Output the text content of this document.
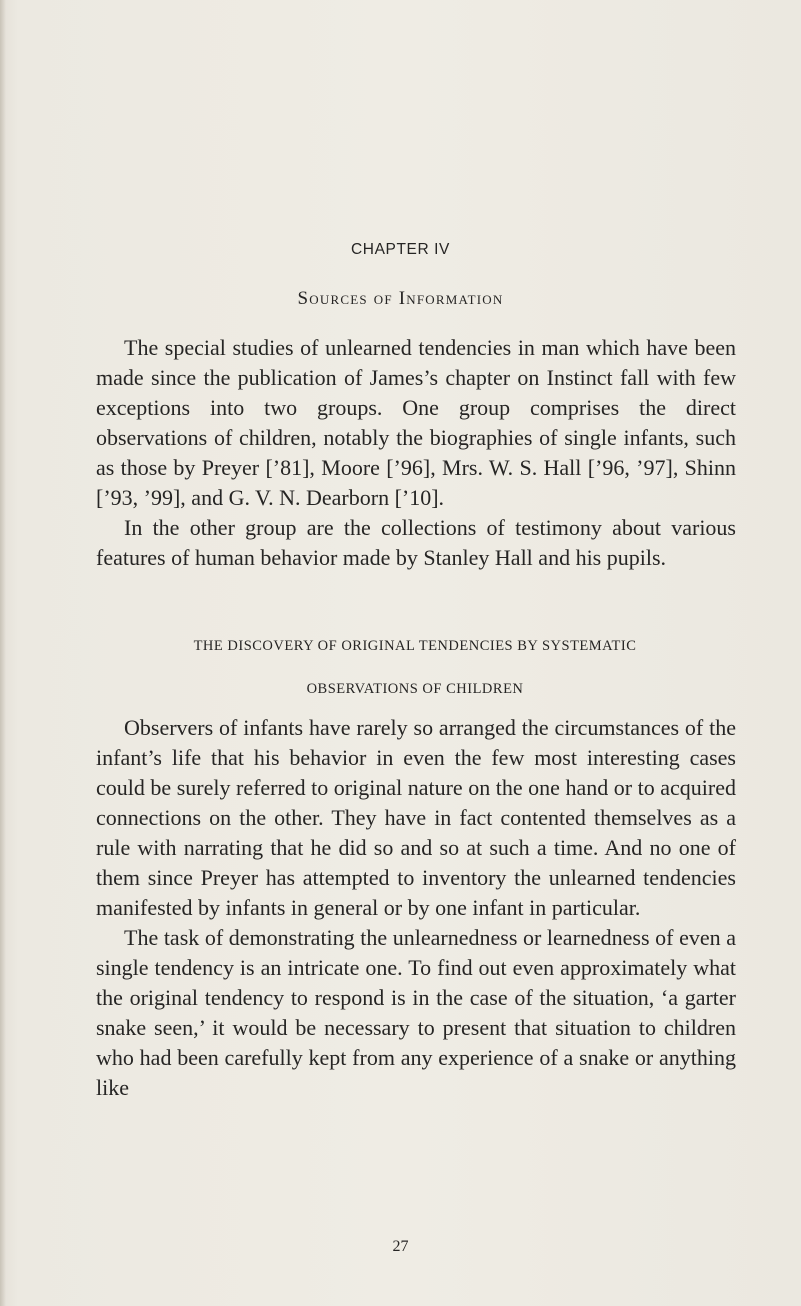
CHAPTER IV
Sources of Information

The special studies of unlearned tendencies in man which have been made since the publication of James’s chapter on Instinct fall with few exceptions into two groups. One group comprises the direct observations of children, notably the biographies of single infants, such as those by Preyer [’81], Moore [’96], Mrs. W. S. Hall [’96, ’97], Shinn [’93, ’99], and G. V. N. Dearborn [’10].

In the other group are the collections of testimony about various features of human behavior made by Stanley Hall and his pupils.

THE DISCOVERY OF ORIGINAL TENDENCIES BY SYSTEMATIC
OBSERVATIONS OF CHILDREN

Observers of infants have rarely so arranged the circumstances of the infant’s life that his behavior in even the few most interesting cases could be surely referred to original nature on the one hand or to acquired connections on the other. They have in fact contented themselves as a rule with narrating that he did so and so at such a time. And no one of them since Preyer has attempted to inventory the unlearned tendencies manifested by infants in general or by one infant in particular.

The task of demonstrating the unlearnedness or learnedness of even a single tendency is an intricate one. To find out even approximately what the original tendency to respond is in the case of the situation, ‘a garter snake seen,’ it would be necessary to present that situation to children who had been carefully kept from any experience of a snake or anything like

27
